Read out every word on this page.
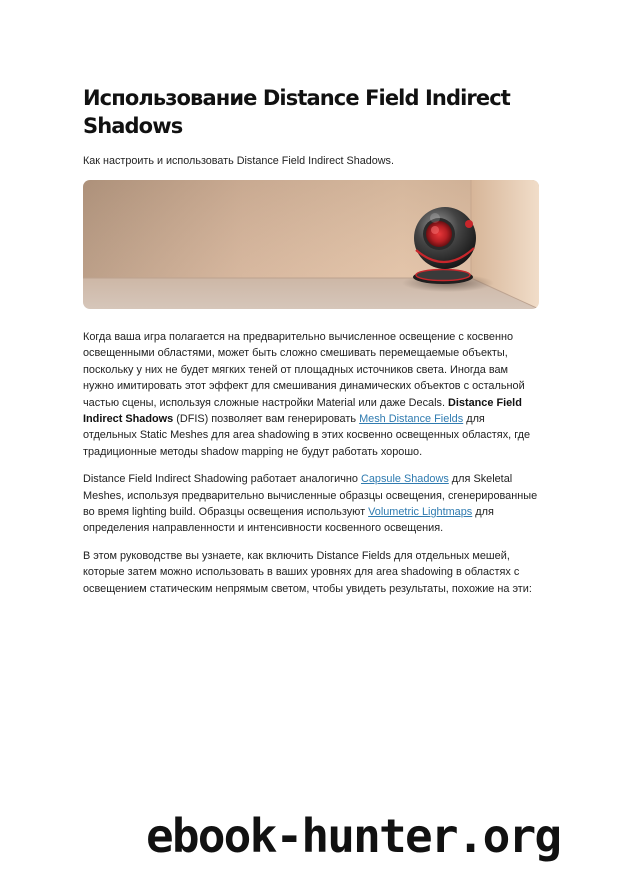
Использование Distance Field Indirect Shadows

Как настроить и использовать Distance Field Indirect Shadows.

Когда ваша игра полагается на предварительно вычисленное освещение с косвенно освещенными областями, может быть сложно смешивать перемещаемые объекты, поскольку у них не будет мягких теней от площадных источников света. Иногда вам нужно имитировать этот эффект для смешивания динамических объектов с остальной частью сцены, используя сложные настройки Material или даже Decals. Distance Field Indirect Shadows (DFIS) позволяет вам генерировать Mesh Distance Fields для отдельных Static Meshes для area shadowing в этих косвенно освещенных областях, где традиционные методы shadow mapping не будут работать хорошо.

Distance Field Indirect Shadowing работает аналогично Capsule Shadows для Skeletal Meshes, используя предварительно вычисленные образцы освещения, сгенерированные во время lighting build. Образцы освещения используют Volumetric Lightmaps для определения направленности и интенсивности косвенного освещения.

В этом руководстве вы узнаете, как включить Distance Fields для отдельных мешей, которые затем можно использовать в ваших уровнях для area shadowing в областях с освещением статическим непрямым светом, чтобы увидеть результаты, похожие на эти:

ebook-hunter.org
